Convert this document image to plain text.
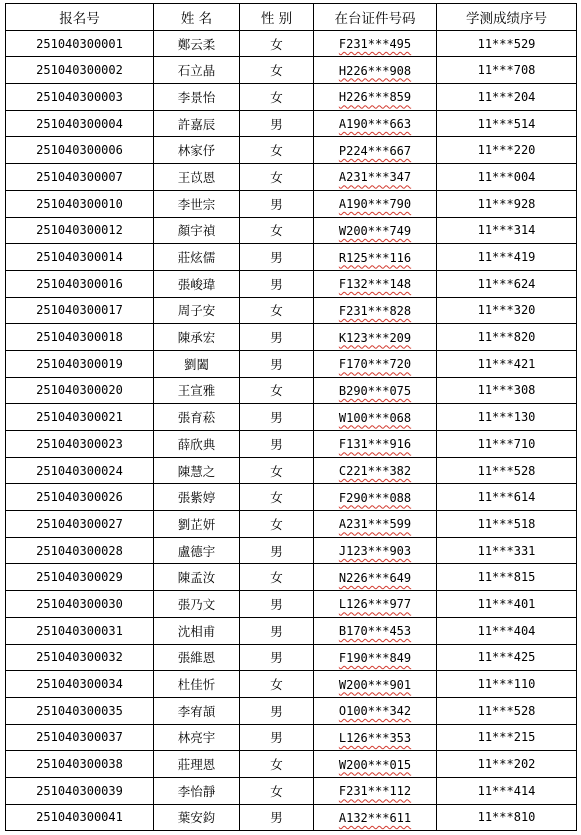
报名号	姓 名	性 别	在台证件号码	学测成绩序号
251040300001	鄭云柔	女	F231***495	11***529
251040300002	石立晶	女	H226***908	11***708
251040300003	李景怡	女	H226***859	11***204
251040300004	許嘉辰	男	A190***663	11***514
251040300006	林家伃	女	P224***667	11***220
251040300007	王苡恩	女	A231***347	11***004
251040300010	李世宗	男	A190***790	11***928
251040300012	顏宇禎	女	W200***749	11***314
251040300014	莊炫儒	男	R125***116	11***419
251040300016	張峻瑋	男	F132***148	11***624
251040300017	周子安	女	F231***828	11***320
251040300018	陳承宏	男	K123***209	11***820
251040300019	劉闔	男	F170***720	11***421
251040300020	王宣雅	女	B290***075	11***308
251040300021	張育菘	男	W100***068	11***130
251040300023	薛欣典	男	F131***916	11***710
251040300024	陳慧之	女	C221***382	11***528
251040300026	張紫婷	女	F290***088	11***614
251040300027	劉芷妍	女	A231***599	11***518
251040300028	盧德宇	男	J123***903	11***331
251040300029	陳孟汝	女	N226***649	11***815
251040300030	張乃文	男	L126***977	11***401
251040300031	沈相甫	男	B170***453	11***404
251040300032	張維恩	男	F190***849	11***425
251040300034	杜佳忻	女	W200***901	11***110
251040300035	李宥頡	男	O100***342	11***528
251040300037	林亮宇	男	L126***353	11***215
251040300038	莊理恩	女	W200***015	11***202
251040300039	李怡靜	女	F231***112	11***414
251040300041	葉安鈞	男	A132***611	11***810
